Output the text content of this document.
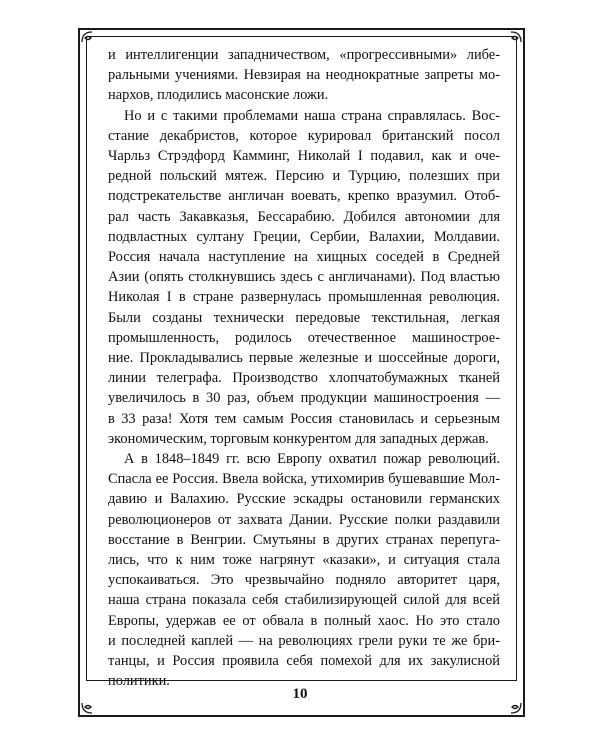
и интеллигенции западничеством, «прогрессивными» либе-
ральными учениями. Невзирая на неоднократные запреты мо-
нархов, плодились масонские ложи.
Но и с такими проблемами наша страна справлялась. Вос-
стание декабристов, которое курировал британский посол
Чарльз Стрэдфорд Камминг, Николай I подавил, как и оче-
редной польский мятеж. Персию и Турцию, полезших при
подстрекательстве англичан воевать, крепко вразумил. Отоб-
рал часть Закавказья, Бессарабию. Добился автономии для
подвластных султану Греции, Сербии, Валахии, Молдавии.
Россия начала наступление на хищных соседей в Средней
Азии (опять столкнувшись здесь с англичанами). Под властью
Николая I в стране развернулась промышленная революция.
Были созданы технически передовые текстильная, легкая
промышленность, родилось отечественное машинострое-
ние. Прокладывались первые железные и шоссейные дороги,
линии телеграфа. Производство хлопчатобумажных тканей
увеличилось в 30 раз, объем продукции машиностроения —
в 33 раза! Хотя тем самым Россия становилась и серьезным
экономическим, торговым конкурентом для западных держав.
А в 1848–1849 гг. всю Европу охватил пожар революций.
Спасла ее Россия. Ввела войска, утихомирив бушевавшие Мол-
давию и Валахию. Русские эскадры остановили германских
революционеров от захвата Дании. Русские полки раздавили
восстание в Венгрии. Смутьяны в других странах перепуга-
лись, что к ним тоже нагрянут «казаки», и ситуация стала
успокаиваться. Это чрезвычайно подняло авторитет царя,
наша страна показала себя стабилизирующей силой для всей
Европы, удержав ее от обвала в полный хаос. Но это стало
и последней каплей — на революциях грели руки те же бри-
танцы, и Россия проявила себя помехой для их закулисной
политики.
10
